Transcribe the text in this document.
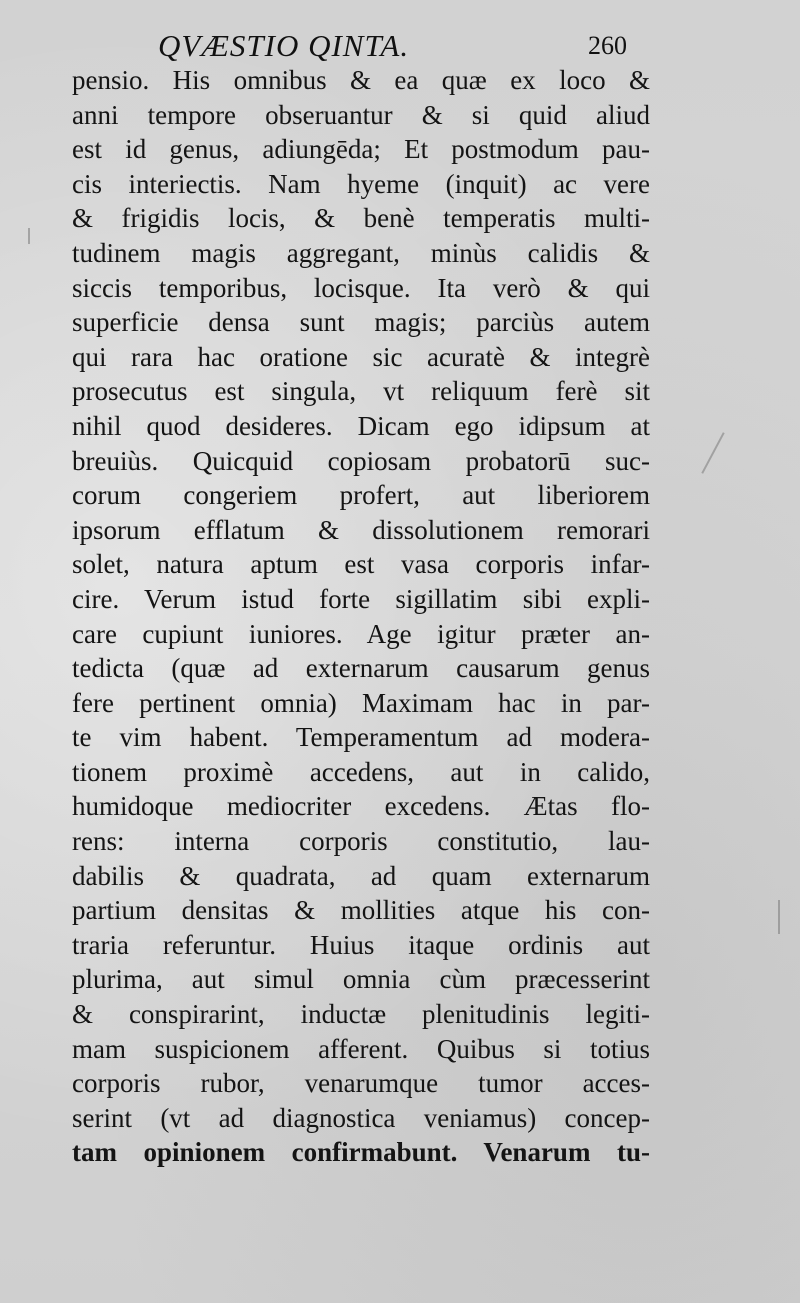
QVÆSTIO QINTA.	260
pensio. His omnibus & ea quæ ex loco &
anni tempore obseruantur & si quid aliud
est id genus, adiungēda; Et postmodum pau-
cis interiectis. Nam hyeme (inquit) ac vere
& frigidis locis, & benè temperatis multi-
tudinem magis aggregant, minùs calidis &
siccis temporibus, locisque. Ita verò & qui
superficie densa sunt magis; parciùs autem
qui rara hac oratione sic acuratè & integrè
prosecutus est singula, vt reliquum ferè sit
nihil quod desideres. Dicam ego idipsum at
breuiùs. Quicquid copiosam probatorū suc-
corum congeriem profert, aut liberiorem
ipsorum efflatum & dissolutionem remorari
solet, natura aptum est vasa corporis infar-
cire. Verum istud forte sigillatim sibi expli-
care cupiunt iuniores. Age igitur præter an-
tedicta (quæ ad externarum causarum genus
fere pertinent omnia) Maximam hac in par-
te vim habent. Temperamentum ad modera-
tionem proximè accedens, aut in calido,
humidoque mediocriter excedens. Ætas flo-
rens: interna corporis constitutio, lau-
dabilis & quadrata, ad quam externarum
partium densitas & mollities atque his con-
traria referuntur. Huius itaque ordinis aut
plurima, aut simul omnia cùm præcesserint
& conspirarint, inductæ plenitudinis legiti-
mam suspicionem afferent. Quibus si totius
corporis rubor, venarumque tumor acces-
serint (vt ad diagnostica veniamus) concep-
tam opinionem confirmabunt. Venarum tu-
